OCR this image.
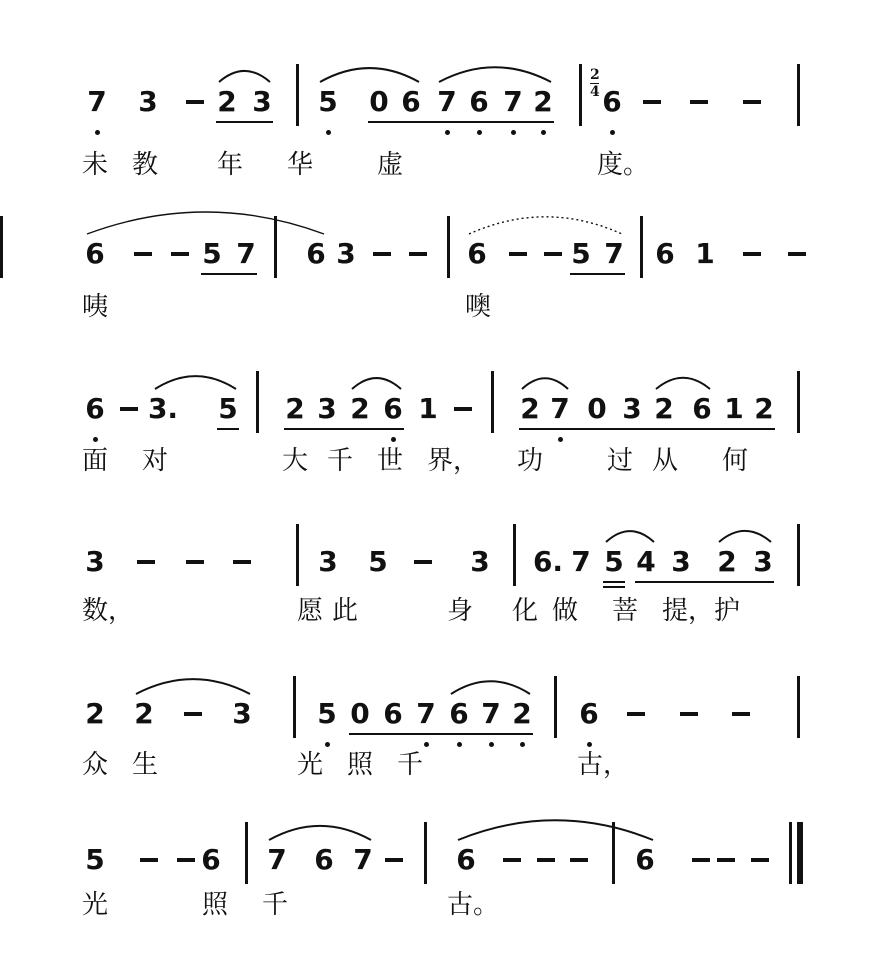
2
4
7 3 2 3 5 0 6 7 6 7 2 6
未 教 年 华 虚	度。
6	5 7 6 3	6	5 7 6 1
咦	噢
6 3. 5 2 3 2 6 1	2 7 0 3 2 6 1 2
面 对	大 千 世 界， 功 过 从 何
3	3 5	3 6. 7 5 4 3 2 3
数，	愿 此	身 化 做 菩 提，护
2 2	3 5 0 6 7 6 7 2 6
众 生	光 照 千	古，
5	6 7 6 7	6	6
光	照 千	古。
